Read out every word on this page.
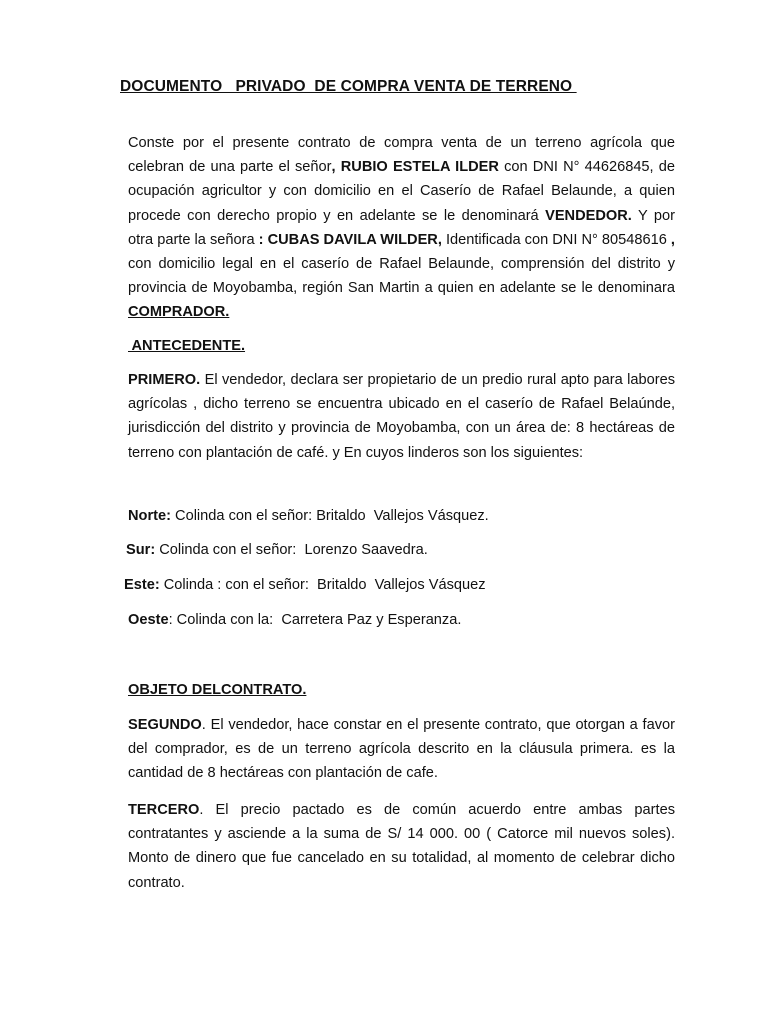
DOCUMENTO   PRIVADO  DE COMPRA VENTA DE TERRENO

Conste por el presente contrato de compra venta de un terreno agrícola que celebran de una parte el señor, RUBIO ESTELA ILDER con DNI N° 44626845, de ocupación agricultor y con domicilio en el Caserío de Rafael Belaunde, a quien procede con derecho propio y en adelante se le denominará VENDEDOR. Y por otra parte la señora : CUBAS DAVILA WILDER, Identificada con DNI N° 80548616 , con domicilio legal en el caserío de Rafael Belaunde, comprensión del distrito y provincia de Moyobamba, región San Martin a quien en adelante se le denominara COMPRADOR.

ANTECEDENTE.

PRIMERO. El vendedor, declara ser propietario de un predio rural apto para labores agrícolas , dicho terreno se encuentra ubicado en el caserío de Rafael Belaúnde, jurisdicción del distrito y provincia de Moyobamba, con un área de: 8 hectáreas de terreno con plantación de café. y En cuyos linderos son los siguientes:

Norte: Colinda con el señor: Britaldo  Vallejos Vásquez.
Sur: Colinda con el señor:  Lorenzo Saavedra.
Este: Colinda : con el señor:  Britaldo  Vallejos Vásquez
Oeste: Colinda con la:  Carretera Paz y Esperanza.
OBJETO DELCONTRATO.

SEGUNDO. El vendedor, hace constar en el presente contrato, que otorgan a favor del comprador, es de un terreno agrícola descrito en la cláusula primera. es la cantidad de 8 hectáreas con plantación de cafe.

TERCERO. El precio pactado es de común acuerdo entre ambas partes contratantes y asciende a la suma de S/ 14 000. 00 ( Catorce mil nuevos soles). Monto de dinero que fue cancelado en su totalidad, al momento de celebrar dicho contrato.
